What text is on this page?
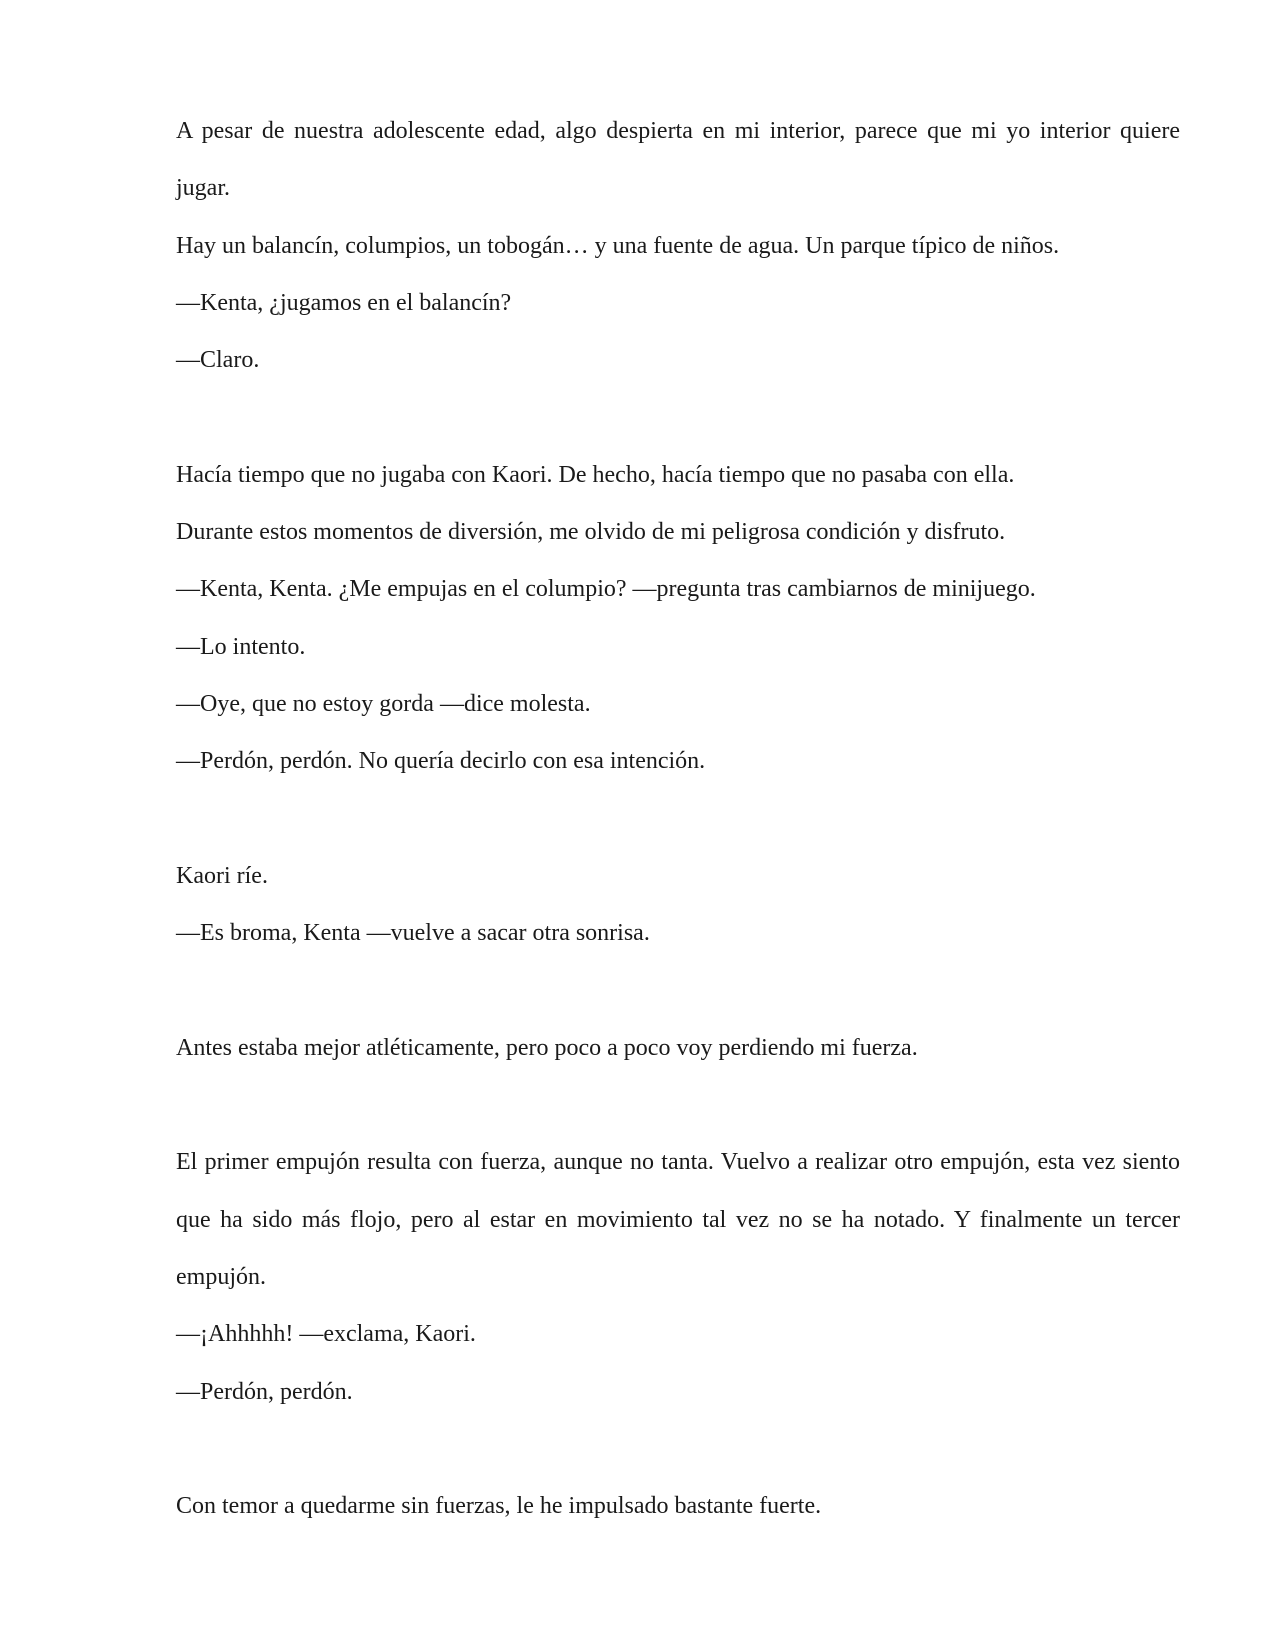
A pesar de nuestra adolescente edad, algo despierta en mi interior, parece que mi yo interior quiere jugar.

Hay un balancín, columpios, un tobogán… y una fuente de agua. Un parque típico de niños.

—Kenta, ¿jugamos en el balancín?

—Claro.

Hacía tiempo que no jugaba con Kaori. De hecho, hacía tiempo que no pasaba con ella.

Durante estos momentos de diversión, me olvido de mi peligrosa condición y disfruto.

—Kenta, Kenta. ¿Me empujas en el columpio? —pregunta tras cambiarnos de minijuego.

—Lo intento.

—Oye, que no estoy gorda —dice molesta.

—Perdón, perdón. No quería decirlo con esa intención.

Kaori ríe.

—Es broma, Kenta —vuelve a sacar otra sonrisa.

Antes estaba mejor atléticamente, pero poco a poco voy perdiendo mi fuerza.

El primer empujón resulta con fuerza, aunque no tanta. Vuelvo a realizar otro empujón, esta vez siento que ha sido más flojo, pero al estar en movimiento tal vez no se ha notado. Y finalmente un tercer empujón.

—¡Ahhhhh! —exclama, Kaori.

—Perdón, perdón.

Con temor a quedarme sin fuerzas, le he impulsado bastante fuerte.
